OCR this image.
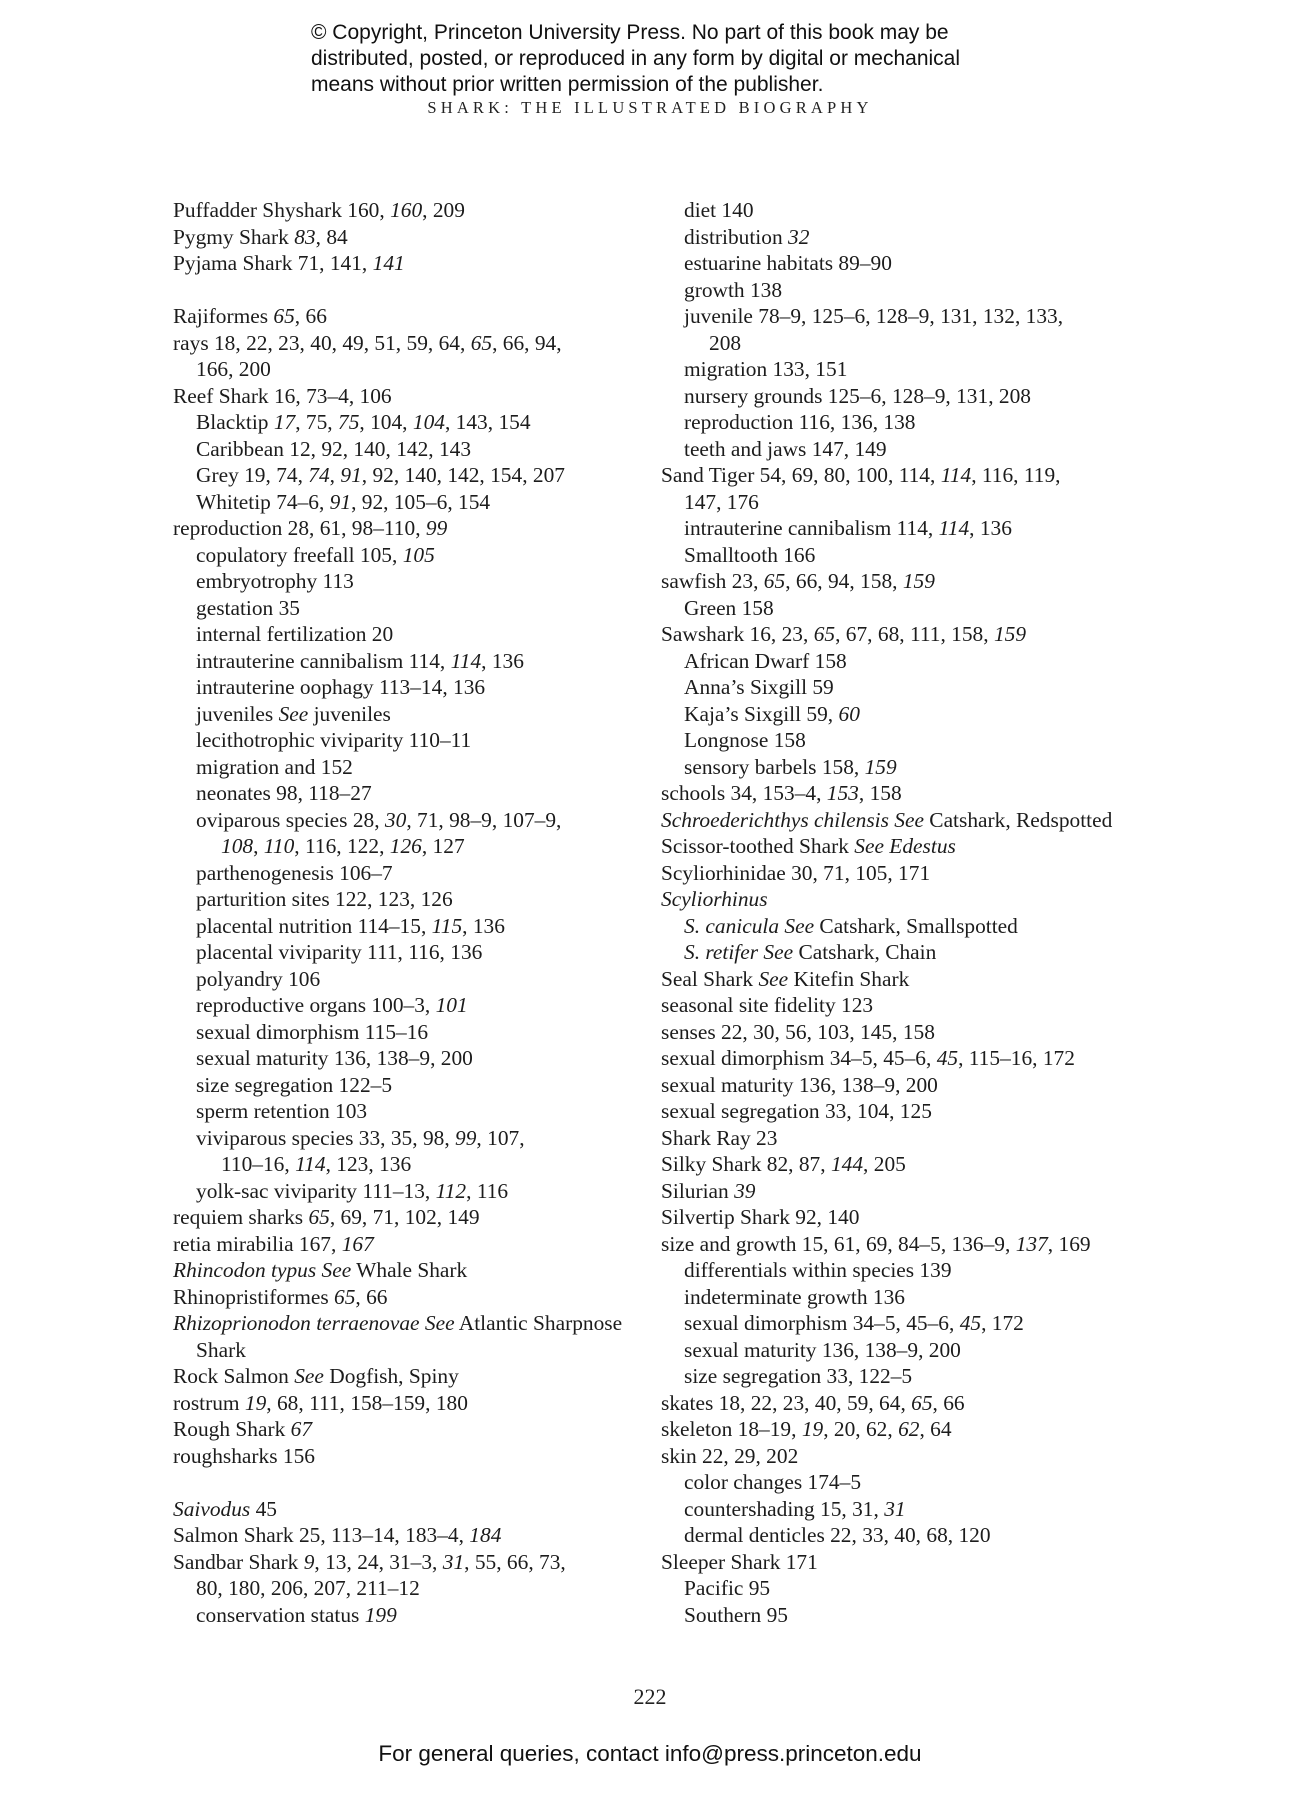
© Copyright, Princeton University Press. No part of this book may be
distributed, posted, or reproduced in any form by digital or mechanical
means without prior written permission of the publisher.
SHARK: THE ILLUSTRATED BIOGRAPHY
Puffadder Shyshark 160, 160, 209
Pygmy Shark 83, 84
Pyjama Shark 71, 141, 141
Rajiformes 65, 66
rays 18, 22, 23, 40, 49, 51, 59, 64, 65, 66, 94,
166, 200
Reef Shark 16, 73–4, 106
Blacktip 17, 75, 75, 104, 104, 143, 154
Caribbean 12, 92, 140, 142, 143
Grey 19, 74, 74, 91, 92, 140, 142, 154, 207
Whitetip 74–6, 91, 92, 105–6, 154
reproduction 28, 61, 98–110, 99
copulatory freefall 105, 105
embryotrophy 113
gestation 35
internal fertilization 20
intrauterine cannibalism 114, 114, 136
intrauterine oophagy 113–14, 136
juveniles See juveniles
lecithotrophic viviparity 110–11
migration and 152
neonates 98, 118–27
oviparous species 28, 30, 71, 98–9, 107–9,
108, 110, 116, 122, 126, 127
parthenogenesis 106–7
parturition sites 122, 123, 126
placental nutrition 114–15, 115, 136
placental viviparity 111, 116, 136
polyandry 106
reproductive organs 100–3, 101
sexual dimorphism 115–16
sexual maturity 136, 138–9, 200
size segregation 122–5
sperm retention 103
viviparous species 33, 35, 98, 99, 107,
110–16, 114, 123, 136
yolk-sac viviparity 111–13, 112, 116
requiem sharks 65, 69, 71, 102, 149
retia mirabilia 167, 167
Rhincodon typus See Whale Shark
Rhinopristiformes 65, 66
Rhizoprionodon terraenovae See Atlantic Sharpnose
Shark
Rock Salmon See Dogfish, Spiny
rostrum 19, 68, 111, 158–159, 180
Rough Shark 67
roughsharks 156
Saivodus 45
Salmon Shark 25, 113–14, 183–4, 184
Sandbar Shark 9, 13, 24, 31–3, 31, 55, 66, 73,
80, 180, 206, 207, 211–12
conservation status 199
diet 140
distribution 32
estuarine habitats 89–90
growth 138
juvenile 78–9, 125–6, 128–9, 131, 132, 133,
208
migration 133, 151
nursery grounds 125–6, 128–9, 131, 208
reproduction 116, 136, 138
teeth and jaws 147, 149
Sand Tiger 54, 69, 80, 100, 114, 114, 116, 119,
147, 176
intrauterine cannibalism 114, 114, 136
Smalltooth 166
sawfish 23, 65, 66, 94, 158, 159
Green 158
Sawshark 16, 23, 65, 67, 68, 111, 158, 159
African Dwarf 158
Anna’s Sixgill 59
Kaja’s Sixgill 59, 60
Longnose 158
sensory barbels 158, 159
schools 34, 153–4, 153, 158
Schroederichthys chilensis See Catshark, Redspotted
Scissor-toothed Shark See Edestus
Scyliorhinidae 30, 71, 105, 171
Scyliorhinus
S. canicula See Catshark, Smallspotted
S. retifer See Catshark, Chain
Seal Shark See Kitefin Shark
seasonal site fidelity 123
senses 22, 30, 56, 103, 145, 158
sexual dimorphism 34–5, 45–6, 45, 115–16, 172
sexual maturity 136, 138–9, 200
sexual segregation 33, 104, 125
Shark Ray 23
Silky Shark 82, 87, 144, 205
Silurian 39
Silvertip Shark 92, 140
size and growth 15, 61, 69, 84–5, 136–9, 137, 169
differentials within species 139
indeterminate growth 136
sexual dimorphism 34–5, 45–6, 45, 172
sexual maturity 136, 138–9, 200
size segregation 33, 122–5
skates 18, 22, 23, 40, 59, 64, 65, 66
skeleton 18–19, 19, 20, 62, 62, 64
skin 22, 29, 202
color changes 174–5
countershading 15, 31, 31
dermal denticles 22, 33, 40, 68, 120
Sleeper Shark 171
Pacific 95
Southern 95
222
For general queries, contact info@press.princeton.edu
